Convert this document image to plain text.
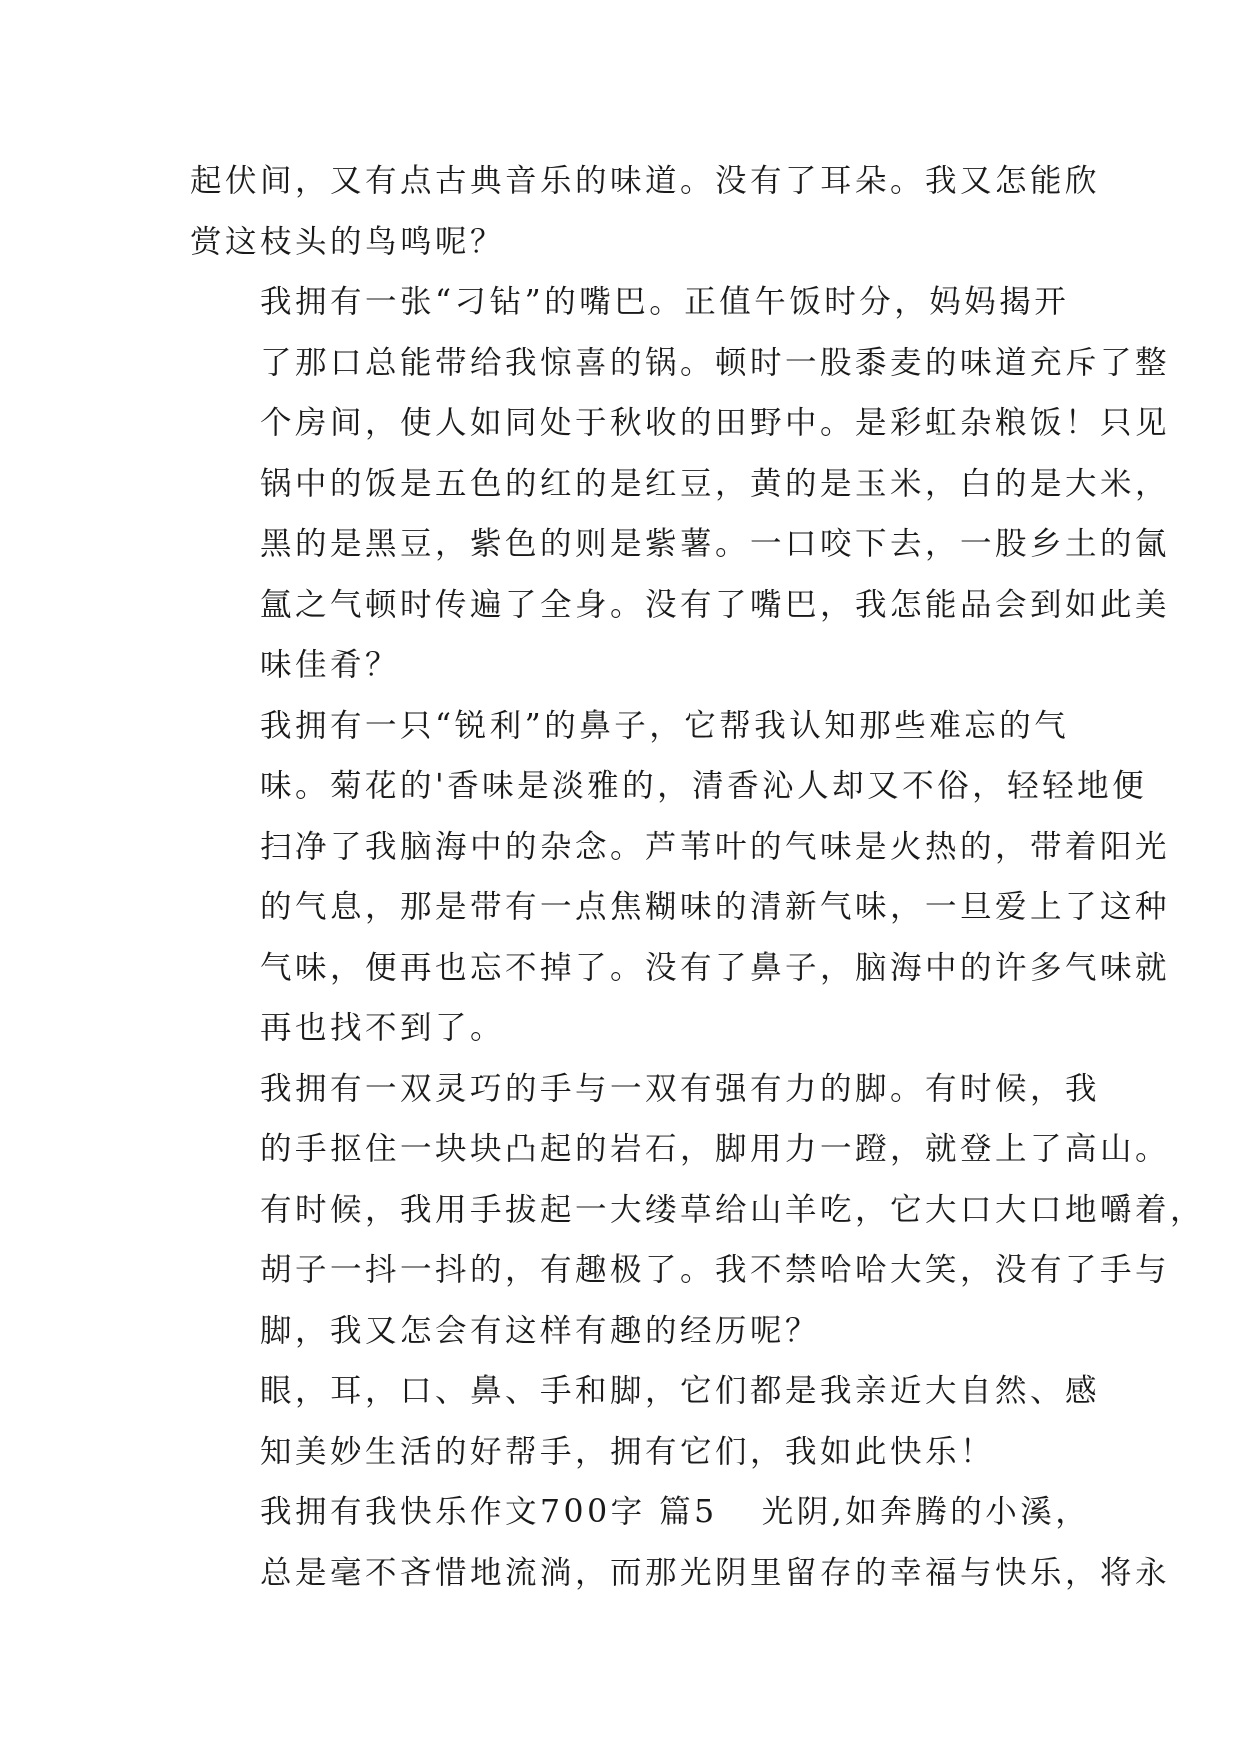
起伏间，又有点古典音乐的味道。没有了耳朵。我又怎能欣
赏这枝头的鸟鸣呢？

我拥有一张“刁钻”的嘴巴。正值午饭时分，妈妈揭开
了那口总能带给我惊喜的锅。顿时一股黍麦的味道充斥了整
个房间，使人如同处于秋收的田野中。是彩虹杂粮饭！只见
锅中的饭是五色的红的是红豆，黄的是玉米，白的是大米，
黑的是黑豆，紫色的则是紫薯。一口咬下去，一股乡土的氤
氲之气顿时传遍了全身。没有了嘴巴，我怎能品会到如此美
味佳肴？

我拥有一只“锐利”的鼻子，它帮我认知那些难忘的气
味。菊花的'香味是淡雅的，清香沁人却又不俗，轻轻地便
扫净了我脑海中的杂念。芦苇叶的气味是火热的，带着阳光
的气息，那是带有一点焦糊味的清新气味，一旦爱上了这种
气味，便再也忘不掉了。没有了鼻子，脑海中的许多气味就
再也找不到了。

我拥有一双灵巧的手与一双有强有力的脚。有时候，我
的手抠住一块块凸起的岩石，脚用力一蹬，就登上了高山。
有时候，我用手拔起一大缕草给山羊吃，它大口大口地嚼着，
胡子一抖一抖的，有趣极了。我不禁哈哈大笑，没有了手与
脚，我又怎会有这样有趣的经历呢？

眼，耳，口、鼻、手和脚，它们都是我亲近大自然、感
知美妙生活的好帮手，拥有它们，我如此快乐！

我拥有我快乐作文700字 篇5 光阴,如奔腾的小溪，
总是毫不吝惜地流淌，而那光阴里留存的幸福与快乐，将永
